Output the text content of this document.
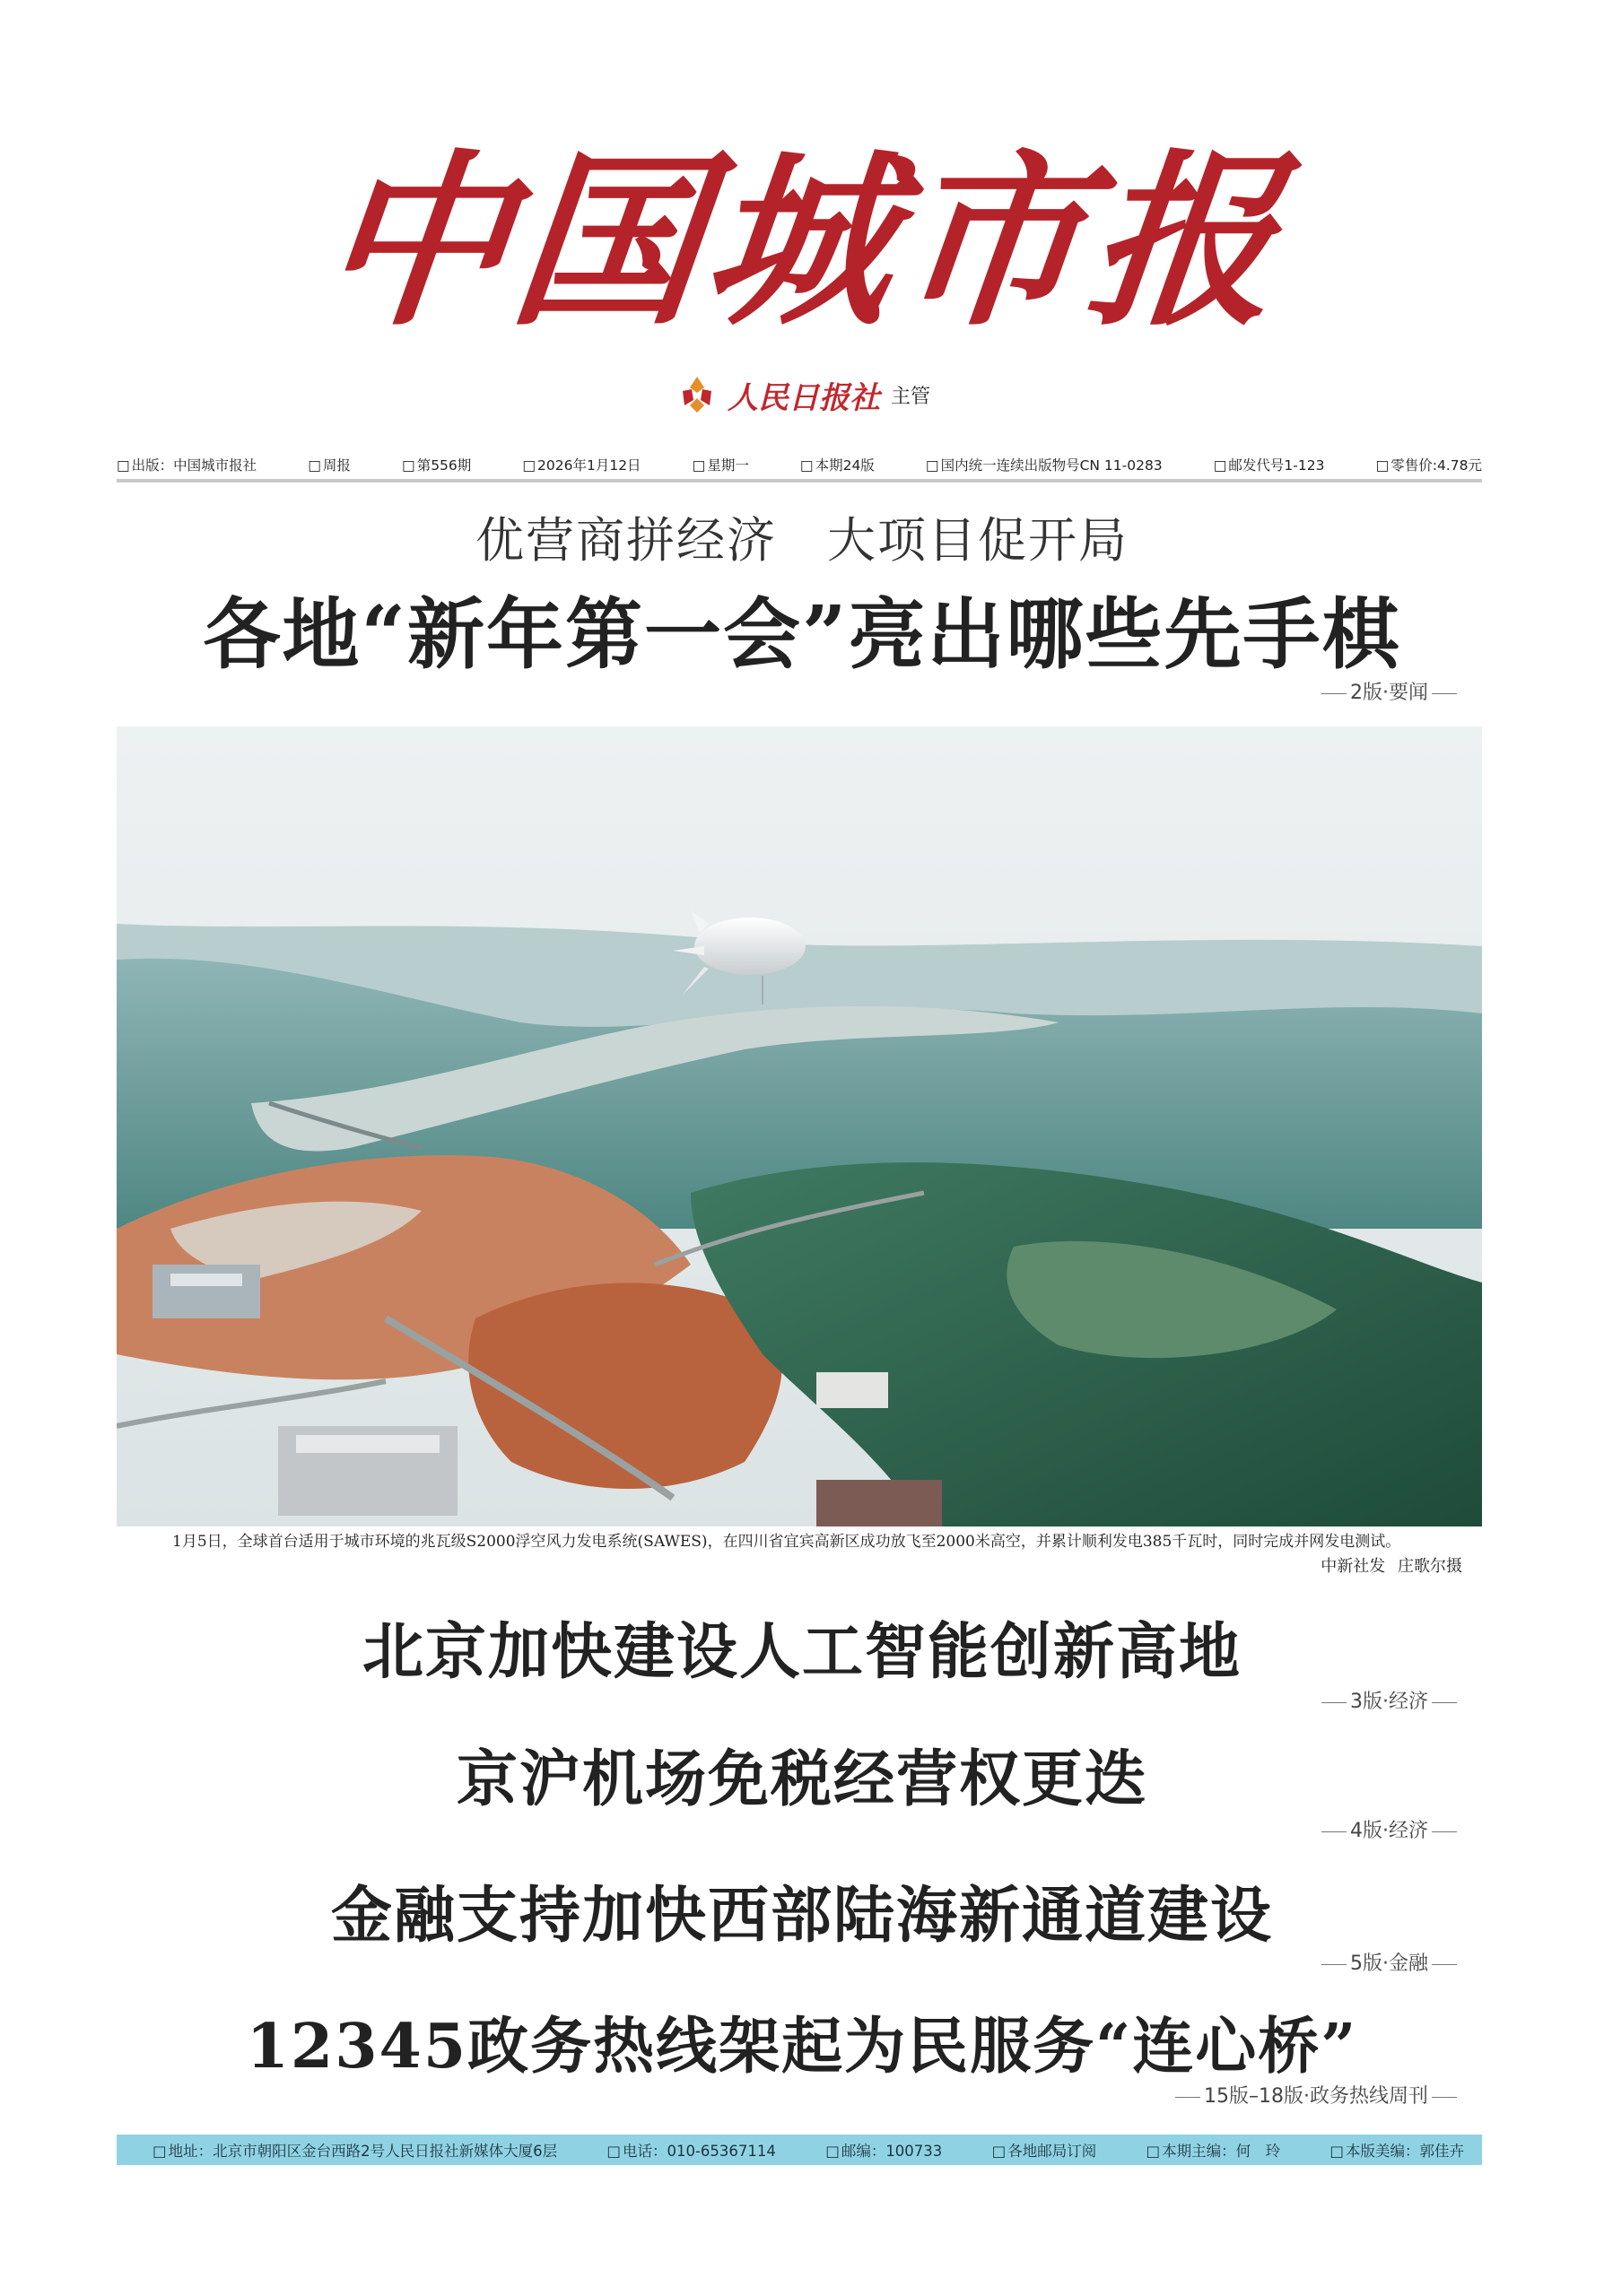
中国城市报
人民日报社 主管
□ 出版：中国城市报社	□ 周报	□ 第556期	□ 2026年1月12日	□ 星期一	□ 本期24版	□ 国内统一连续出版物号CN 11-0283	□ 邮发代号1-123	□ 零售价:4.78元
优营商拼经济　大项目促开局
各地“新年第一会”亮出哪些先手棋
2版·要闻
1月5日，全球首台适用于城市环境的兆瓦级S2000浮空风力发电系统(SAWES)，在四川省宜宾高新区成功放飞至2000米高空，并累计顺利发电385千瓦时，同时完成并网发电测试。
中新社发 庄歌尔摄
北京加快建设人工智能创新高地
3版·经济
京沪机场免税经营权更迭
4版·经济
金融支持加快西部陆海新通道建设
5版·金融
12345政务热线架起为民服务“连心桥”
15版–18版·政务热线周刊
□ 地址：北京市朝阳区金台西路2号人民日报社新媒体大厦6层	□ 电话：010-65367114	□ 邮编：100733	□ 各地邮局订阅	□ 本期主编：何　玲	□ 本版美编：郭佳卉
